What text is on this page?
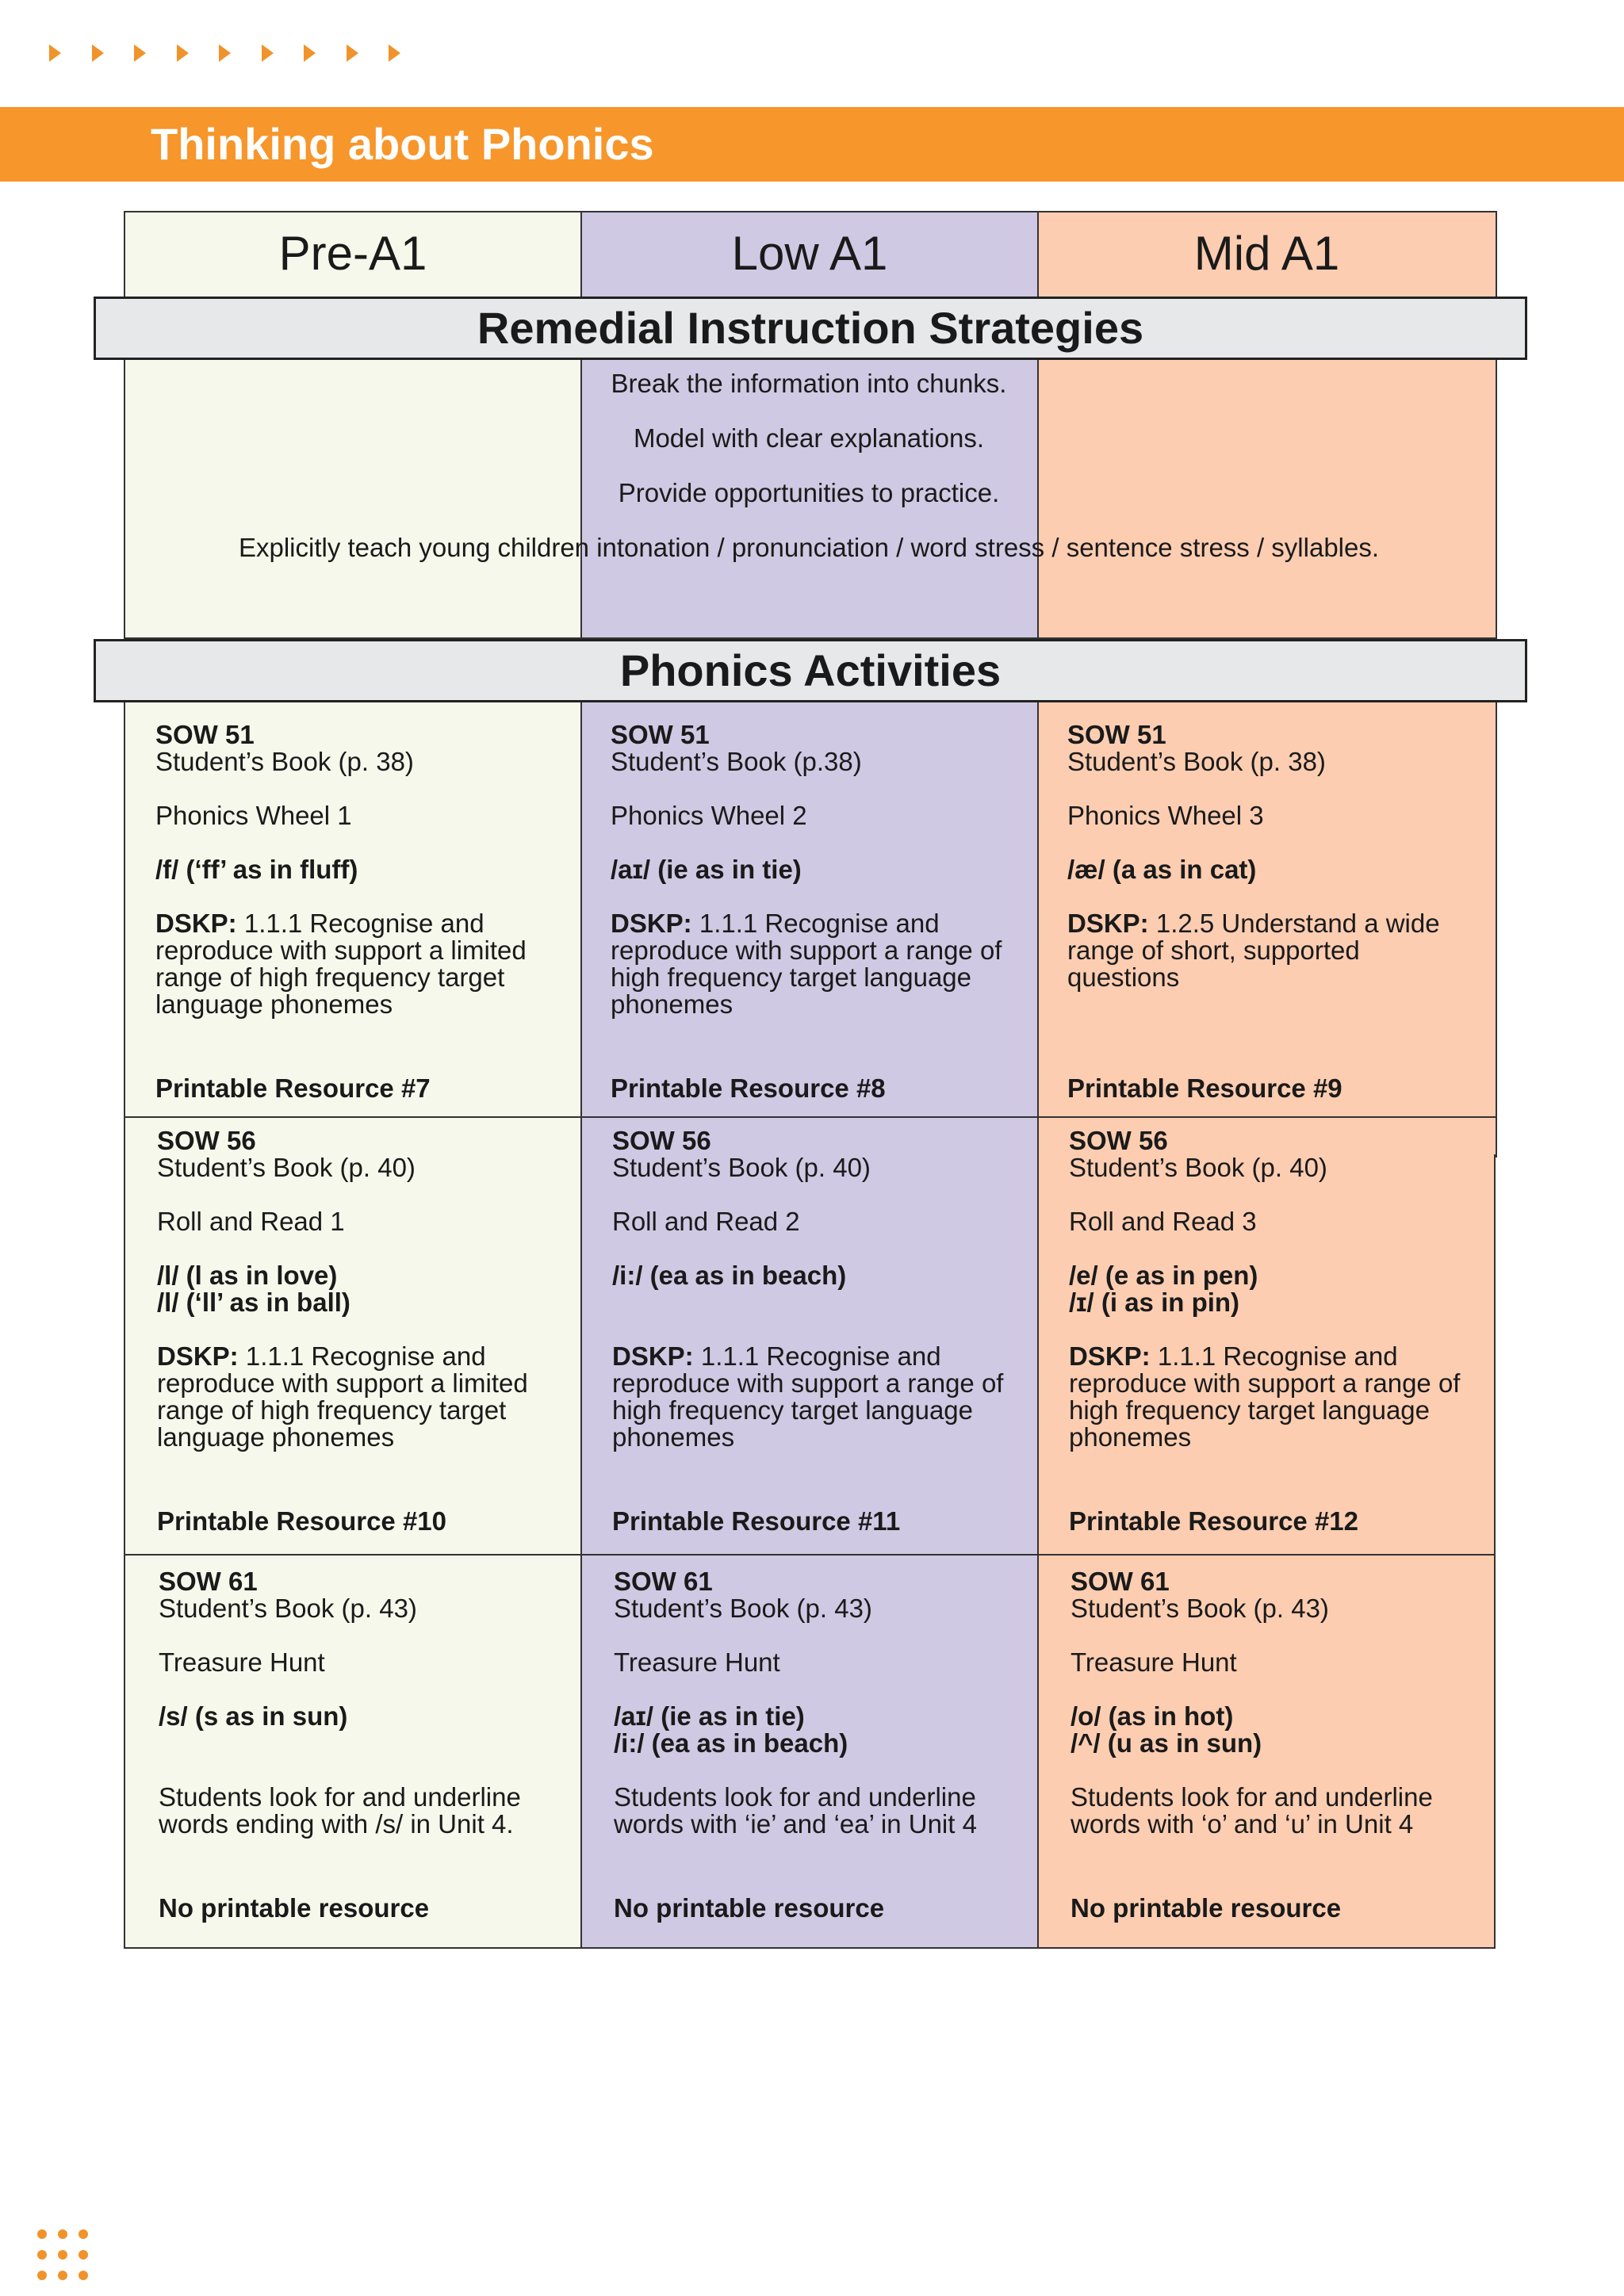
Thinking about Phonics
Pre-A1	Low A1	Mid A1
Remedial Instruction Strategies

Break the information into chunks.

Model with clear explanations.

Provide opportunities to practice.

Explicitly teach young children intonation / pronunciation / word stress / sentence stress / syllables.

Phonics Activities
SOW 51
Student’s Book (p. 38)
Phonics Wheel 1
/f/ (‘ff’ as in fluff)
DSKP: 1.1.1 Recognise and reproduce with support a limited range of high frequency target language phonemes
Printable Resource #7
SOW 51
Student’s Book (p.38)
Phonics Wheel 2
/aɪ/ (ie as in tie)
DSKP: 1.1.1 Recognise and reproduce with support a range of high frequency target language phonemes
Printable Resource #8
SOW 51
Student’s Book (p. 38)
Phonics Wheel 3
/æ/ (a as in cat)
DSKP: 1.2.5 Understand a wide range of short, supported questions
Printable Resource #9
SOW 56
Student’s Book (p. 40)
Roll and Read 1
/l/ (l as in love)
/l/ (‘ll’ as in ball)
DSKP: 1.1.1 Recognise and reproduce with support a limited range of high frequency target language phonemes
Printable Resource #10
SOW 56
Student’s Book (p. 40)
Roll and Read 2
/i:/ (ea as in beach)
DSKP: 1.1.1 Recognise and reproduce with support a range of high frequency target language phonemes
Printable Resource #11
SOW 56
Student’s Book (p. 40)
Roll and Read 3
/e/ (e as in pen)
/ɪ/ (i as in pin)
DSKP: 1.1.1 Recognise and reproduce with support a range of high frequency target language phonemes
Printable Resource #12
SOW 61
Student’s Book (p. 43)
Treasure Hunt
/s/ (s as in sun)
Students look for and underline words ending with /s/ in Unit 4.
No printable resource
SOW 61
Student’s Book (p. 43)
Treasure Hunt
/aɪ/ (ie as in tie)
/i:/ (ea as in beach)
Students look for and underline words with ‘ie’ and ‘ea’ in Unit 4
No printable resource
SOW 61
Student’s Book (p. 43)
Treasure Hunt
/o/ (as in hot)
/^/ (u as in sun)
Students look for and underline words with ‘o’ and ‘u’ in Unit 4
No printable resource
